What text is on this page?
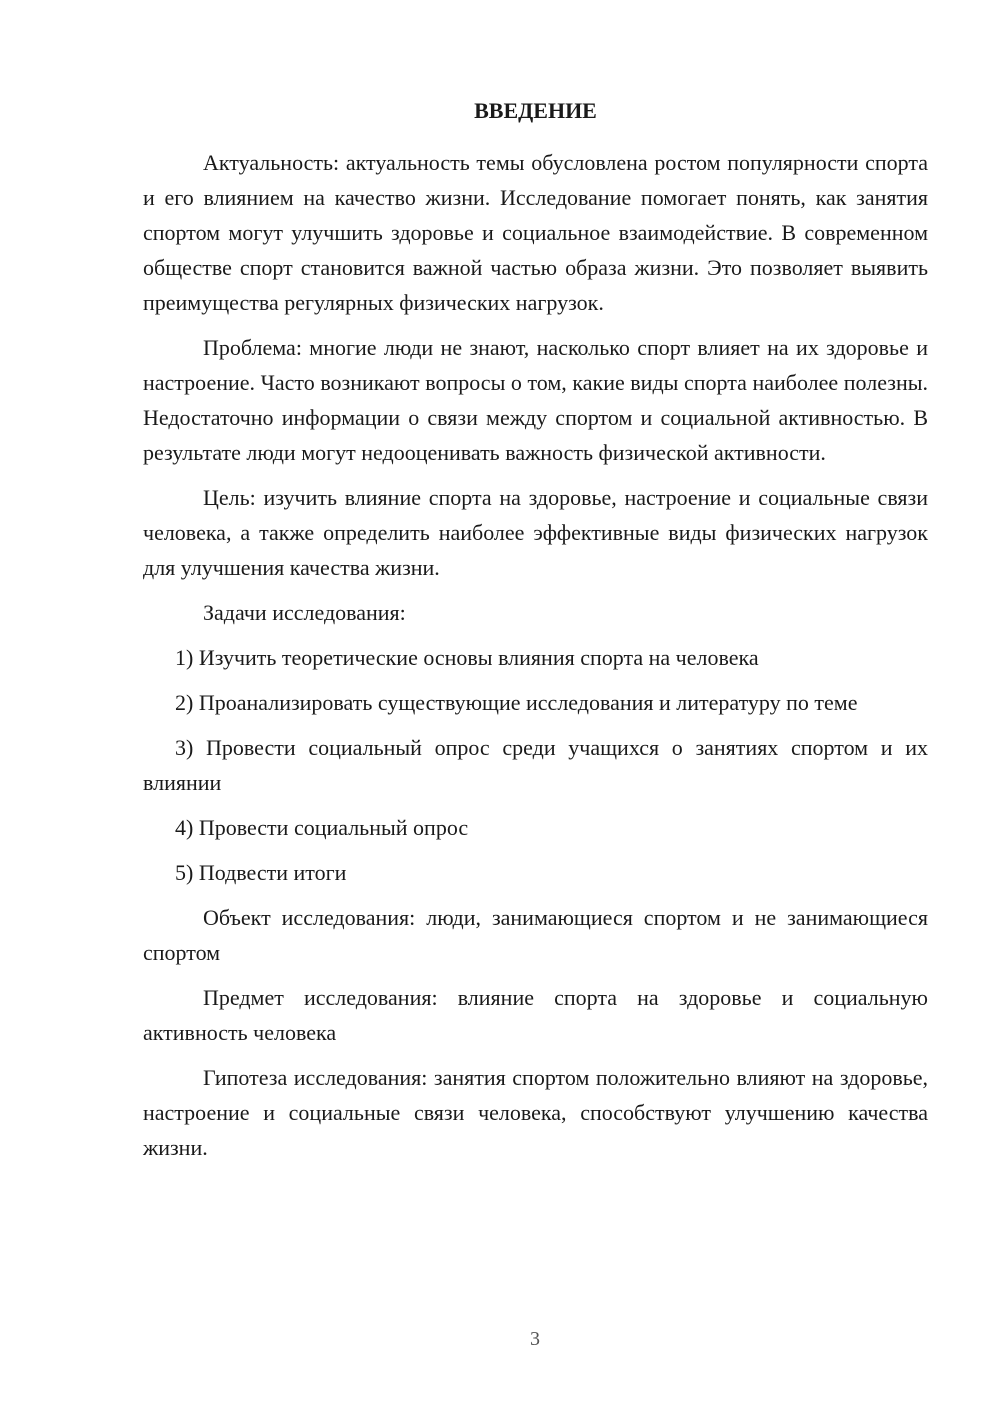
ВВЕДЕНИЕ

Актуальность: актуальность темы обусловлена ростом популярности спорта и его влиянием на качество жизни. Исследование помогает понять, как занятия спортом могут улучшить здоровье и социальное взаимодействие. В современном обществе спорт становится важной частью образа жизни. Это позволяет выявить преимущества регулярных физических нагрузок.

Проблема: многие люди не знают, насколько спорт влияет на их здоровье и настроение. Часто возникают вопросы о том, какие виды спорта наиболее полезны. Недостаточно информации о связи между спортом и социальной активностью. В результате люди могут недооценивать важность физической активности.

Цель: изучить влияние спорта на здоровье, настроение и социальные связи человека, а также определить наиболее эффективные виды физических нагрузок для улучшения качества жизни.

Задачи исследования:

1) Изучить теоретические основы влияния спорта на человека

2) Проанализировать существующие исследования и литературу по теме

3) Провести социальный опрос среди учащихся о занятиях спортом и их влиянии

4) Провести социальный опрос

5) Подвести итоги

Объект исследования: люди, занимающиеся спортом и не занимающиеся спортом

Предмет исследования: влияние спорта на здоровье и социальную активность человека

Гипотеза исследования: занятия спортом положительно влияют на здоровье, настроение и социальные связи человека, способствуют улучшению качества жизни.

3
